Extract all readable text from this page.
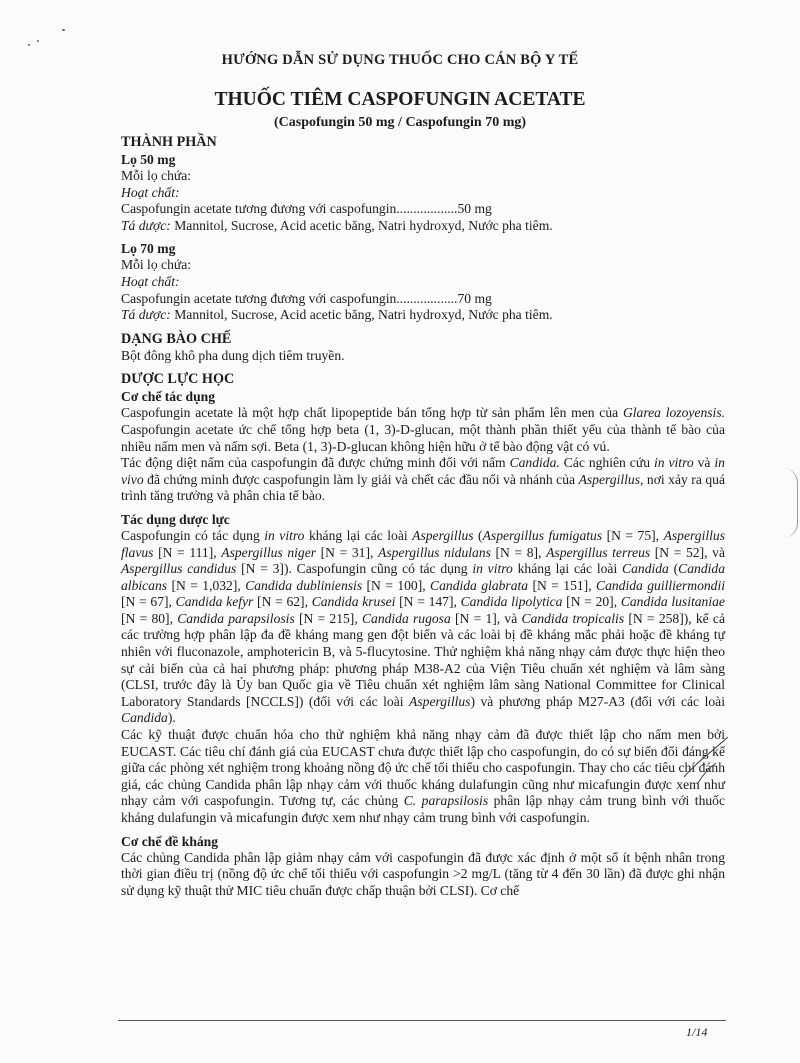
HƯỚNG DẪN SỬ DỤNG THUỐC CHO CÁN BỘ Y TẾ
THUỐC TIÊM CASPOFUNGIN ACETATE
(Caspofungin 50 mg / Caspofungin 70 mg)
THÀNH PHẦN
Lọ 50 mg

Mỗi lọ chứa:

Hoạt chất:

Caspofungin acetate tương đương với caspofungin..................50 mg

Tá dược: Mannitol, Sucrose, Acid acetic băng, Natri hydroxyd, Nước pha tiêm.

Lọ 70 mg

Mỗi lọ chứa:

Hoạt chất:

Caspofungin acetate tương đương với caspofungin..................70 mg

Tá dược: Mannitol, Sucrose, Acid acetic băng, Natri hydroxyd, Nước pha tiêm.

DẠNG BÀO CHẾ

Bột đông khô pha dung dịch tiêm truyền.

DƯỢC LỰC HỌC
Cơ chế tác dụng

Caspofungin acetate là một hợp chất lipopeptide bán tổng hợp từ sản phẩm lên men của Glarea lozoyensis. Caspofungin acetate ức chế tổng hợp beta (1, 3)-D-glucan, một thành phần thiết yếu của thành tế bào của nhiều nấm men và nấm sợi. Beta (1, 3)-D-glucan không hiện hữu ở tế bào động vật có vú.

Tác động diệt nấm của caspofungin đã được chứng minh đối với nấm Candida. Các nghiên cứu in vitro và in vivo đã chứng minh được caspofungin làm ly giải và chết các đầu nối và nhánh của Aspergillus, nơi xảy ra quá trình tăng trưởng và phân chia tế bào.

Tác dụng dược lực

Caspofungin có tác dụng in vitro kháng lại các loài Aspergillus (Aspergillus fumigatus [N = 75], Aspergillus flavus [N = 111], Aspergillus niger [N = 31], Aspergillus nidulans [N = 8], Aspergillus terreus [N = 52], và Aspergillus candidus [N = 3]). Caspofungin cũng có tác dụng in vitro kháng lại các loài Candida (Candida albicans [N = 1,032], Candida dubliniensis [N = 100], Candida glabrata [N = 151], Candida guilliermondii [N = 67], Candida kefyr [N = 62], Candida krusei [N = 147], Candida lipolytica [N = 20], Candida lusitaniae [N = 80], Candida parapsilosis [N = 215], Candida rugosa [N = 1], và Candida tropicalis [N = 258]), kể cả các trường hợp phân lập đa đề kháng mang gen đột biến và các loài bị đề kháng mắc phải hoặc đề kháng tự nhiên với fluconazole, amphotericin B, và 5-flucytosine. Thử nghiệm khả năng nhạy cảm được thực hiện theo sự cải biến của cả hai phương pháp: phương pháp M38-A2 của Viện Tiêu chuẩn xét nghiệm và lâm sàng (CLSI, trước đây là Ủy ban Quốc gia về Tiêu chuẩn xét nghiệm lâm sàng National Committee for Clinical Laboratory Standards [NCCLS]) (đối với các loài Aspergillus) và phương pháp M27-A3 (đối với các loài Candida).

Các kỹ thuật được chuẩn hóa cho thử nghiệm khả năng nhạy cảm đã được thiết lập cho nấm men bởi EUCAST. Các tiêu chí đánh giá của EUCAST chưa được thiết lập cho caspofungin, do có sự biến đổi đáng kể giữa các phòng xét nghiệm trong khoảng nồng độ ức chế tối thiểu cho caspofungin. Thay cho các tiêu chí đánh giá, các chủng Candida phân lập nhạy cảm với thuốc kháng dulafungin cũng như micafungin được xem như nhạy cảm với caspofungin. Tương tự, các chủng C. parapsilosis phân lập nhạy cảm trung bình với thuốc kháng dulafungin và micafungin được xem như nhạy cảm trung bình với caspofungin.

Cơ chế đề kháng

Các chủng Candida phân lập giảm nhạy cảm với caspofungin đã được xác định ở một số ít bệnh nhân trong thời gian điều trị (nồng độ ức chế tối thiểu với caspofungin >2 mg/L (tăng từ 4 đến 30 lần) đã được ghi nhận sử dụng kỹ thuật thử MIC tiêu chuẩn được chấp thuận bởi CLSI). Cơ chế

1/14
